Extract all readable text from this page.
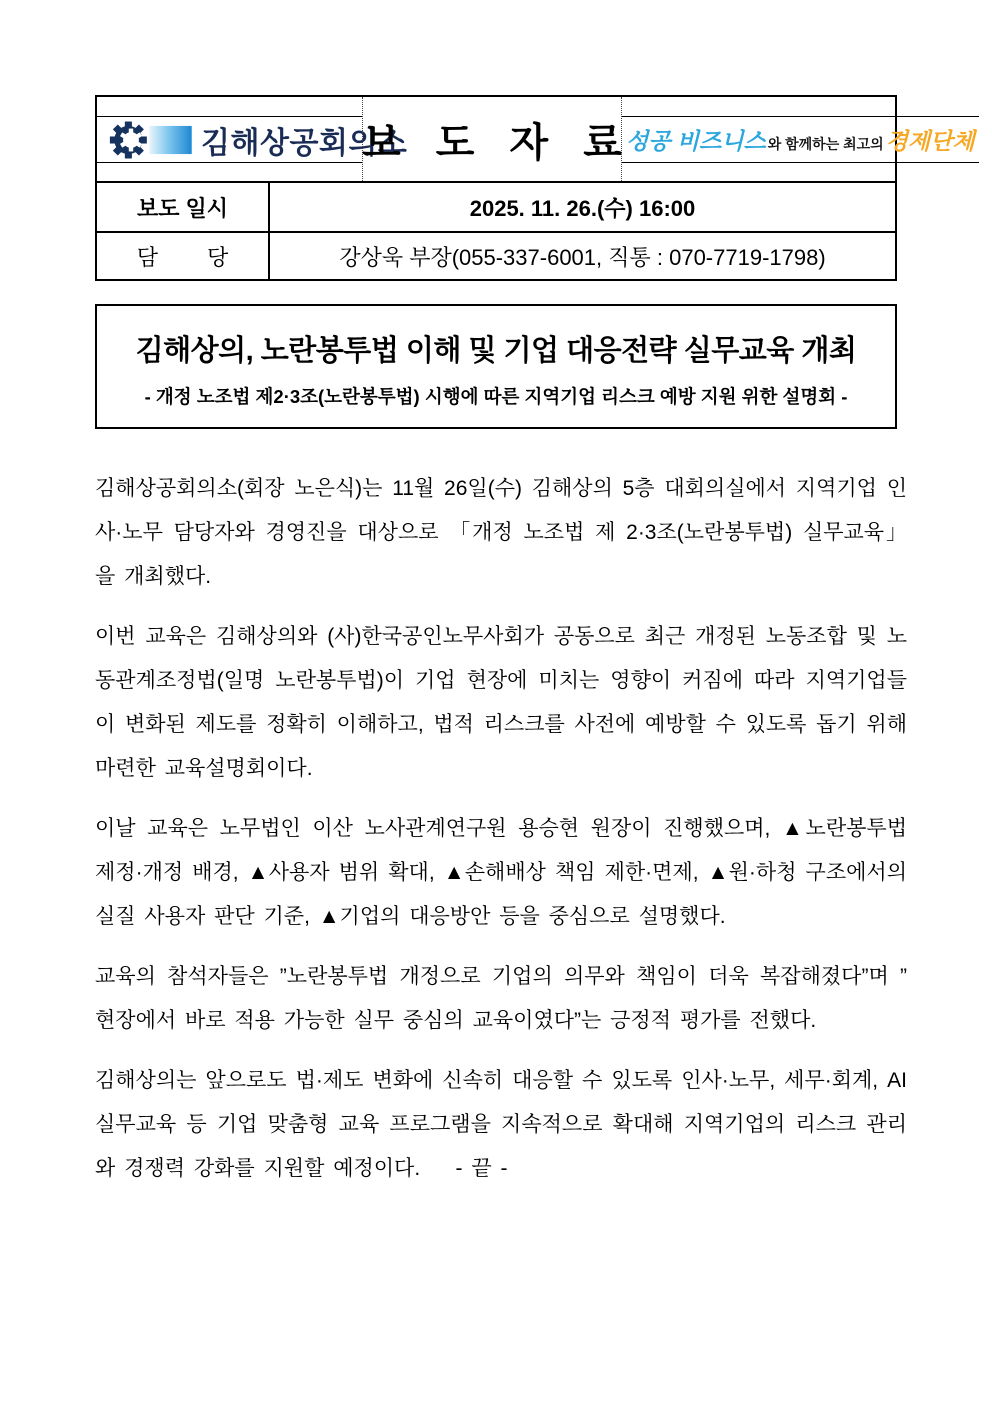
김해상공회의소
보 도 자 료
성공 비즈니스 와 함께하는 최고의 경제단체
보도 일시	2025. 11. 26.(수) 16:00
담        당	강상욱 부장(055-337-6001, 직통 : 070-7719-1798)
김해상의, 노란봉투법 이해 및 기업 대응전략 실무교육 개최
- 개정 노조법 제2·3조(노란봉투법) 시행에 따른 지역기업 리스크 예방 지원 위한 설명회 -

김해상공회의소(회장 노은식)는 11월 26일(수) 김해상의 5층 대회의실에서 지역기업 인사·노무 담당자와 경영진을 대상으로 「개정 노조법 제 2·3조(노란봉투법) 실무교육」을 개최했다.

이번 교육은 김해상의와 (사)한국공인노무사회가 공동으로 최근 개정된 노동조합 및 노동관계조정법(일명 노란봉투법)이 기업 현장에 미치는 영향이 커짐에 따라 지역기업들이 변화된 제도를 정확히 이해하고, 법적 리스크를 사전에 예방할 수 있도록 돕기 위해 마련한 교육설명회이다.

이날 교육은 노무법인 이산 노사관계연구원 용승현 원장이 진행했으며, ▲노란봉투법 제정·개정 배경, ▲사용자 범위 확대, ▲손해배상 책임 제한·면제, ▲원·하청 구조에서의 실질 사용자 판단 기준, ▲기업의 대응방안 등을 중심으로 설명했다.

교육의 참석자들은 ”노란봉투법 개정으로 기업의 의무와 책임이 더욱 복잡해졌다”며 ” 현장에서 바로 적용 가능한 실무 중심의 교육이였다”는 긍정적 평가를 전했다.

김해상의는 앞으로도 법·제도 변화에 신속히 대응할 수 있도록 인사·노무, 세무·회계, AI 실무교육 등 기업 맞춤형 교육 프로그램을 지속적으로 확대해 지역기업의 리스크 관리와 경쟁력 강화를 지원할 예정이다.    - 끝 -
